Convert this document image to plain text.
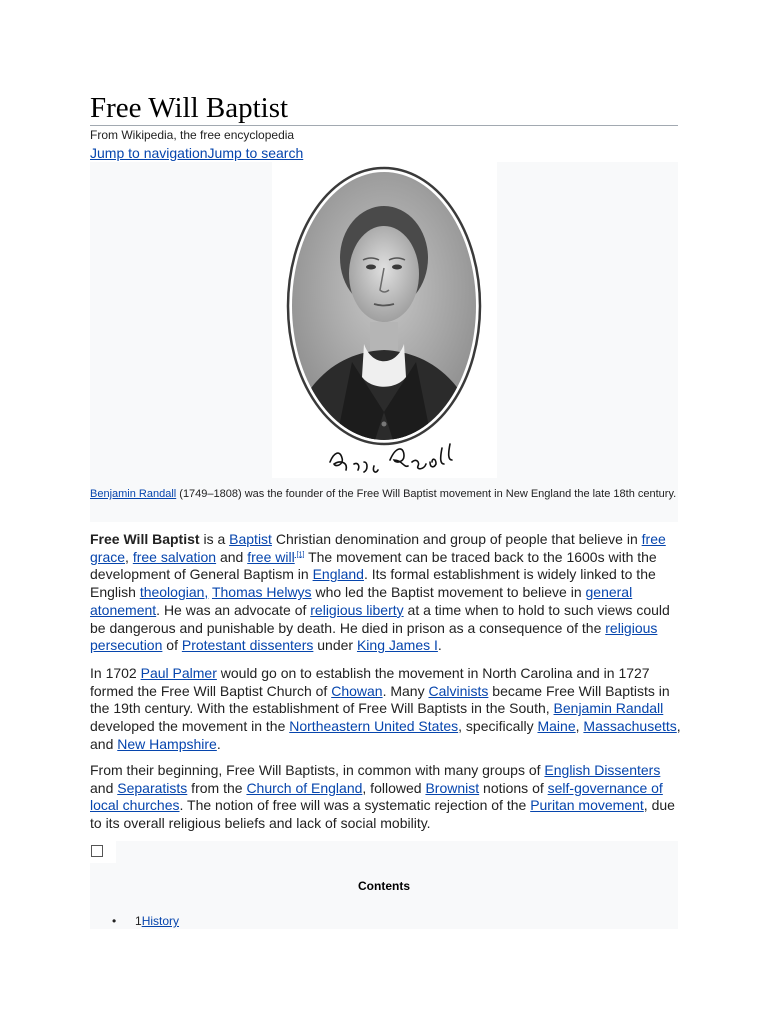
Free Will Baptist
From Wikipedia, the free encyclopedia
Jump to navigationJump to search
Benjamin Randall (1749–1808) was the founder of the Free Will Baptist movement in New England the late 18th century.
Free Will Baptist is a Baptist Christian denomination and group of people that believe in free grace, free salvation and free will [1] The movement can be traced back to the 1600s with the development of General Baptism in England. Its formal establishment is widely linked to the English theologian, Thomas Helwys who led the Baptist movement to believe in general atonement. He was an advocate of religious liberty at a time when to hold to such views could be dangerous and punishable by death. He died in prison as a consequence of the religious persecution of Protestant dissenters under King James I.
In 1702 Paul Palmer would go on to establish the movement in North Carolina and in 1727 formed the Free Will Baptist Church of Chowan. Many Calvinists became Free Will Baptists in the 19th century. With the establishment of Free Will Baptists in the South, Benjamin Randall developed the movement in the Northeastern United States, specifically Maine, Massachusetts, and New Hampshire.
From their beginning, Free Will Baptists, in common with many groups of English Dissenters and Separatists from the Church of England, followed Brownist notions of self-governance of local churches. The notion of free will was a systematic rejection of the Puritan movement, due to its overall religious beliefs and lack of social mobility.
Contents
• 1History
